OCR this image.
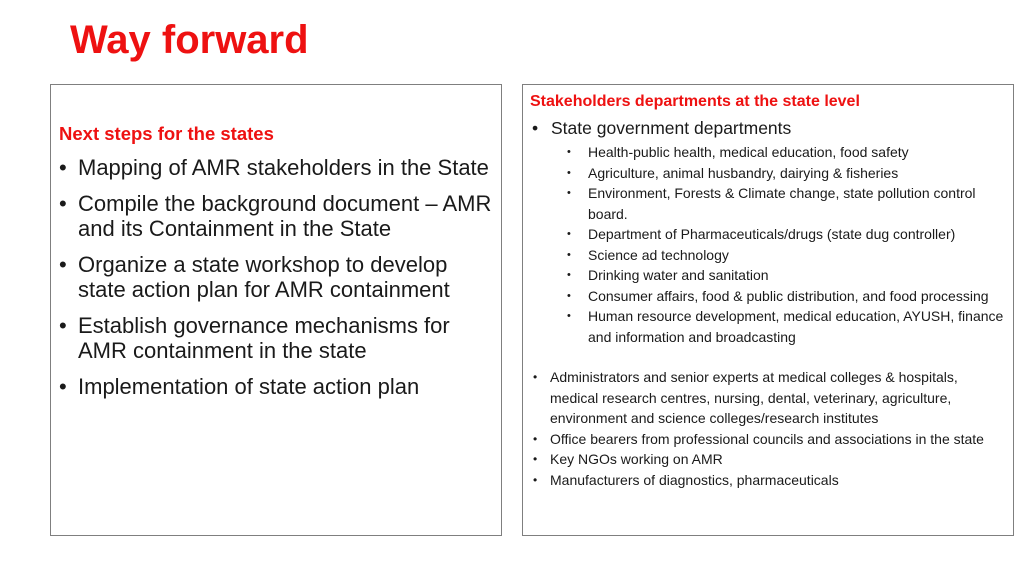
Way forward
Next steps for the states
• Mapping of AMR stakeholders in the State
• Compile the background document – AMR and its Containment in the State
• Organize a state workshop to develop state action plan for AMR containment
• Establish governance mechanisms for AMR containment in the state
• Implementation of state action plan
Stakeholders departments at the state level
• State government departments
• Health-public health, medical education, food safety
• Agriculture, animal husbandry, dairying & fisheries
• Environment, Forests & Climate change, state pollution control board.
• Department of Pharmaceuticals/drugs (state dug controller)
• Science ad technology
• Drinking water and sanitation
• Consumer affairs, food & public distribution, and food processing
• Human resource development, medical education, AYUSH, finance and information and broadcasting
• Administrators and senior experts at medical colleges & hospitals, medical research centres, nursing, dental, veterinary, agriculture, environment and science colleges/research institutes
• Office bearers from professional councils and associations in the state
• Key NGOs working on AMR
• Manufacturers of diagnostics, pharmaceuticals
